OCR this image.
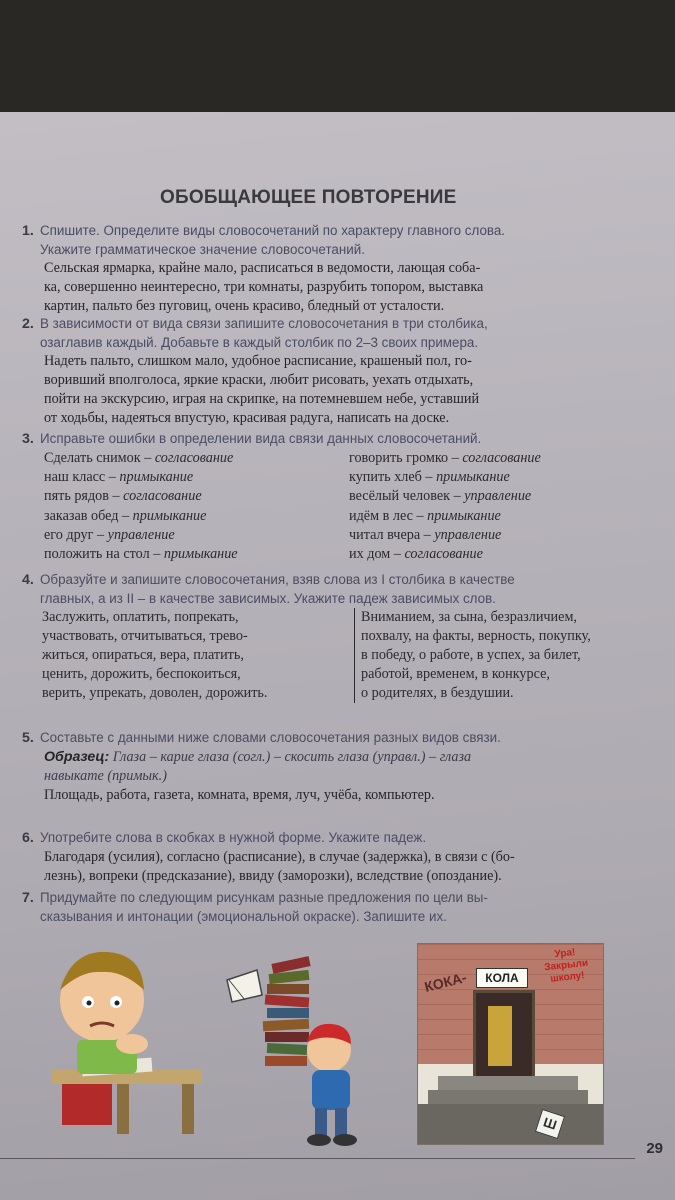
ОБОБЩАЮЩЕЕ ПОВТОРЕНИЕ
1. Спишите. Определите виды словосочетаний по характеру главного слова.
Укажите грамматическое значение словосочетаний.
Сельская ярмарка, крайне мало, расписаться в ведомости, лающая соба-
ка, совершенно неинтересно, три комнаты, разрубить топором, выставка
картин, пальто без пуговиц, очень красиво, бледный от усталости.
2. В зависимости от вида связи запишите словосочетания в три столбика,
озаглавив каждый. Добавьте в каждый столбик по 2–3 своих примера.
Надеть пальто, слишком мало, удобное расписание, крашеный пол, го-
воривший вполголоса, яркие краски, любит рисовать, уехать отдыхать,
пойти на экскурсию, играя на скрипке, на потемневшем небе, уставший
от ходьбы, надеяться впустую, красивая радуга, написать на доске.
3. Исправьте ошибки в определении вида связи данных словосочетаний.
Сделать снимок – согласование
наш класс – примыкание
пять рядов – согласование
заказав обед – примыкание
его друг – управление
положить на стол – примыкание
говорить громко – согласование
купить хлеб – примыкание
весёлый человек – управление
идём в лес – примыкание
читал вчера – управление
их дом – согласование
4. Образуйте и запишите словосочетания, взяв слова из I столбика в качестве
главных, а из II – в качестве зависимых. Укажите падеж зависимых слов.
Заслужить, оплатить, попрекать,
участвовать, отчитываться, трево-
житься, опираться, вера, платить,
ценить, дорожить, беспокоиться,
верить, упрекать, доволен, дорожить.
Вниманием, за сына, безразличием,
похвалу, на факты, верность, покупку,
в победу, о работе, в успех, за билет,
работой, временем, в конкурсе,
о родителях, в бездушии.
5. Составьте с данными ниже словами словосочетания разных видов связи.
Образец: Глаза – карие глаза (согл.) – скосить глаза (управл.) – глаза
навыкате (примык.)
Площадь, работа, газета, комната, время, луч, учёба, компьютер.
6. Употребите слова в скобках в нужной форме. Укажите падеж.
Благодаря (усилия), согласно (расписание), в случае (задержка), в связи с (бо-
лезнь), вопреки (предсказание), ввиду (заморозки), вследствие (опоздание).
7. Придумайте по следующим рисункам разные предложения по цели вы-
сказывания и интонации (эмоциональной окраске). Запишите их.
КОКА-	КОЛА
Ура!
Закрыли
школу!
Ш
29
